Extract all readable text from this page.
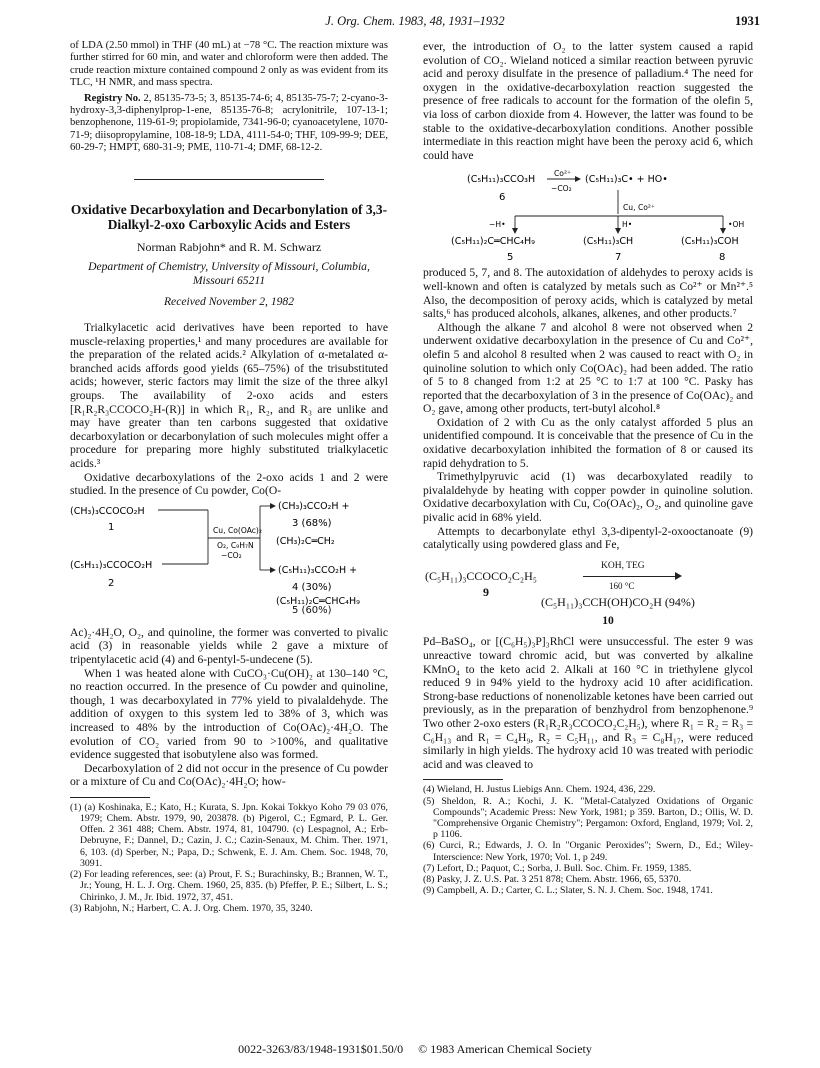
J. Org. Chem. 1983, 48, 1931–1932	1931

of LDA (2.50 mmol) in THF (40 mL) at −78 °C. The reaction mixture was further stirred for 60 min, and water and chloroform were then added. The crude reaction mixture contained compound 2 only as was evident from its TLC, ¹H NMR, and mass spectra.

Registry No. 2, 85135-73-5; 3, 85135-74-6; 4, 85135-75-7; 2-cyano-3-hydroxy-3,3-diphenylprop-1-ene, 85135-76-8; acrylonitrile, 107-13-1; benzophenone, 119-61-9; propiolamide, 7341-96-0; cyanoacetylene, 1070-71-9; diisopropylamine, 108-18-9; LDA, 4111-54-0; THF, 109-99-9; DEE, 60-29-7; HMPT, 680-31-9; PME, 110-71-4; DMF, 68-12-2.

Oxidative Decarboxylation and Decarbonylation of 3,3-Dialkyl-2-oxo Carboxylic Acids and Esters
Norman Rabjohn* and R. M. Schwarz
Department of Chemistry, University of Missouri, Columbia, Missouri 65211
Received November 2, 1982

Trialkylacetic acid derivatives have been reported to have muscle-relaxing properties,¹ and many procedures are available for the preparation of the related acids.² Alkylation of α-metalated α-branched acids affords good yields (65–75%) of the trisubstituted acids; however, steric factors may limit the size of the three alkyl groups. The availability of 2-oxo acids and esters [R₁R₂R₃CCOCO₂H-(R)] in which R₁, R₂, and R₃ are unlike and may have greater than ten carbons suggested that oxidative decarboxylation or decarbonylation of such molecules might offer a procedure for preparing more highly substituted trialkylacetic acids.³

Oxidative decarboxylations of the 2-oxo acids 1 and 2 were studied. In the presence of Cu powder, Co(O-

(CH₃)₃CCOCO₂H
1
(C₅H₁₁)₃CCOCO₂H
2
Cu, Co(OAc)₂
O₂, C₉H₇N
−CO₂
(CH₃)₃CCO₂H +
3 (68%)
(CH₃)₂C═CH₂
(C₅H₁₁)₃CCO₂H +
4 (30%)
(C₅H₁₁)₂C═CHC₄H₉
5 (60%)

Ac)₂·4H₂O, O₂, and quinoline, the former was converted to pivalic acid (3) in reasonable yields while 2 gave a mixture of tripentylacetic acid (4) and 6-pentyl-5-undecene (5).

When 1 was heated alone with CuCO₃·Cu(OH)₂ at 130–140 °C, no reaction occurred. In the presence of Cu powder and quinoline, though, 1 was decarboxylated in 77% yield to pivalaldehyde. The addition of oxygen to this system led to 38% of 3, which was increased to 48% by the introduction of Co(OAc)₂·4H₂O. The evolution of CO₂ varied from 90 to >100%, and qualitative evidence suggested that isobutylene also was formed.

Decarboxylation of 2 did not occur in the presence of Cu powder or a mixture of Cu and Co(OAc)₂·4H₂O; how-

(1) (a) Koshinaka, E.; Kato, H.; Kurata, S. Jpn. Kokai Tokkyo Koho 79 03 076, 1979; Chem. Abstr. 1979, 90, 203878. (b) Pigerol, C.; Egmard, P. L. Ger. Offen. 2 361 488; Chem. Abstr. 1974, 81, 104790. (c) Lespagnol, A.; Erb-Debruyne, F.; Dannel, D.; Cazin, J. C.; Cazin-Senaux, M. Chim. Ther. 1971, 6, 103. (d) Sperber, N.; Papa, D.; Schwenk, E. J. Am. Chem. Soc. 1948, 70, 3091.

(2) For leading references, see: (a) Prout, F. S.; Burachinsky, B.; Brannen, W. T., Jr.; Young, H. L. J. Org. Chem. 1960, 25, 835. (b) Pfeffer, P. E.; Silbert, L. S.; Chirinko, J. M., Jr. Ibid. 1972, 37, 451.

(3) Rabjohn, N.; Harbert, C. A. J. Org. Chem. 1970, 35, 3240.

ever, the introduction of O₂ to the latter system caused a rapid evolution of CO₂. Wieland noticed a similar reaction between pyruvic acid and peroxy disulfate in the presence of palladium.⁴ The need for oxygen in the oxidative-decarboxylation reaction suggested the presence of free radicals to account for the formation of the olefin 5, via loss of carbon dioxide from 4. However, the latter was found to be stable to the oxidative-decarboxylation conditions. Another possible intermediate in this reaction might have been the peroxy acid 6, which could have

(C₅H₁₁)₃CCO₃H
Co²⁺
−CO₂
(C₅H₁₁)₃C• + HO•
6
Cu, Co²⁺
−H•	H•	•OH
(C₅H₁₁)₂C═CHC₄H₉	(C₅H₁₁)₃CH	(C₅H₁₁)₃COH
5	7	8

produced 5, 7, and 8. The autoxidation of aldehydes to peroxy acids is well-known and often is catalyzed by metals such as Co²⁺ or Mn²⁺.⁵ Also, the decomposition of peroxy acids, which is catalyzed by metal salts,⁶ has produced alcohols, alkanes, alkenes, and other products.⁷

Although the alkane 7 and alcohol 8 were not observed when 2 underwent oxidative decarboxylation in the presence of Cu and Co²⁺, olefin 5 and alcohol 8 resulted when 2 was caused to react with O₂ in quinoline solution to which only Co(OAc)₂ had been added. The ratio of 5 to 8 changed from 1:2 at 25 °C to 1:7 at 100 °C. Pasky has reported that the decarboxylation of 3 in the presence of Co(OAc)₂ and O₂ gave, among other products, tert-butyl alcohol.⁸

Oxidation of 2 with Cu as the only catalyst afforded 5 plus an unidentified compound. It is conceivable that the presence of Cu in the oxidative decarboxylation inhibited the formation of 8 or caused its rapid dehydration to 5.

Trimethylpyruvic acid (1) was decarboxylated readily to pivalaldehyde by heating with copper powder in quinoline solution. Oxidative decarboxylation with Cu, Co(OAc)₂, O₂, and quinoline gave pivalic acid in 68% yield.

Attempts to decarbonylate ethyl 3,3-dipentyl-2-oxooctanoate (9) catalytically using powdered glass and Fe,

(C₅H₁₁)₃CCOCO₂C₂H₅
9
KOH, TEG
160 °C
(C₅H₁₁)₃CCH(OH)CO₂H (94%)
10

Pd–BaSO₄, or [(C₆H₅)₃P]₃RhCl were unsuccessful. The ester 9 was unreactive toward chromic acid, but was converted by alkaline KMnO₄ to the keto acid 2. Alkali at 160 °C in triethylene glycol reduced 9 in 94% yield to the hydroxy acid 10 after acidification. Strong-base reductions of nonenolizable ketones have been carried out previously, as in the preparation of benzhydrol from benzophenone.⁹ Two other 2-oxo esters (R₁R₂R₃CCOCO₂C₂H₅), where R₁ = R₂ = R₃ = C₆H₁₃ and R₁ = C₄H₉, R₂ = C₅H₁₁, and R₃ = C₈H₁₇, were reduced similarly in high yields. The hydroxy acid 10 was treated with periodic acid and was cleaved to

(4) Wieland, H. Justus Liebigs Ann. Chem. 1924, 436, 229.

(5) Sheldon, R. A.; Kochi, J. K. "Metal-Catalyzed Oxidations of Organic Compounds"; Academic Press: New York, 1981; p 359. Barton, D.; Ollis, W. D. "Comprehensive Organic Chemistry"; Pergamon: Oxford, England, 1979; Vol. 2, p 1106.

(6) Curci, R.; Edwards, J. O. In "Organic Peroxides"; Swern, D., Ed.; Wiley-Interscience: New York, 1970; Vol. 1, p 249.

(7) Lefort, D.; Paquot, C.; Sorba, J. Bull. Soc. Chim. Fr. 1959, 1385.

(8) Pasky, J. Z. U.S. Pat. 3 251 878; Chem. Abstr. 1966, 65, 5370.

(9) Campbell, A. D.; Carter, C. L.; Slater, S. N. J. Chem. Soc. 1948, 1741.

0022-3263/83/1948-1931$01.50/0 © 1983 American Chemical Society
